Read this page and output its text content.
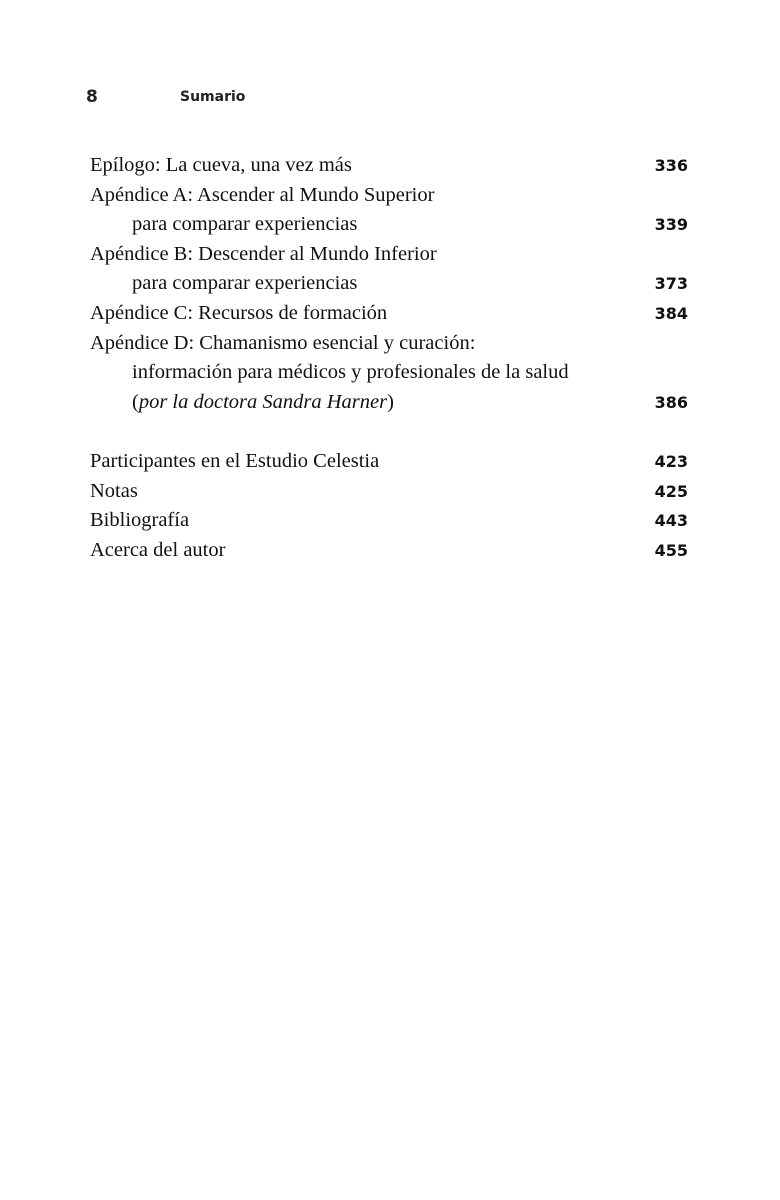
8	Sumario
Epílogo: La cueva, una vez más	336
Apéndice A: Ascender al Mundo Superior
para comparar experiencias	339
Apéndice B: Descender al Mundo Inferior
para comparar experiencias	373
Apéndice C: Recursos de formación	384
Apéndice D: Chamanismo esencial y curación:
información para médicos y profesionales de la salud
(por la doctora Sandra Harner)	386
Participantes en el Estudio Celestia	423
Notas	425
Bibliografía	443
Acerca del autor	455
